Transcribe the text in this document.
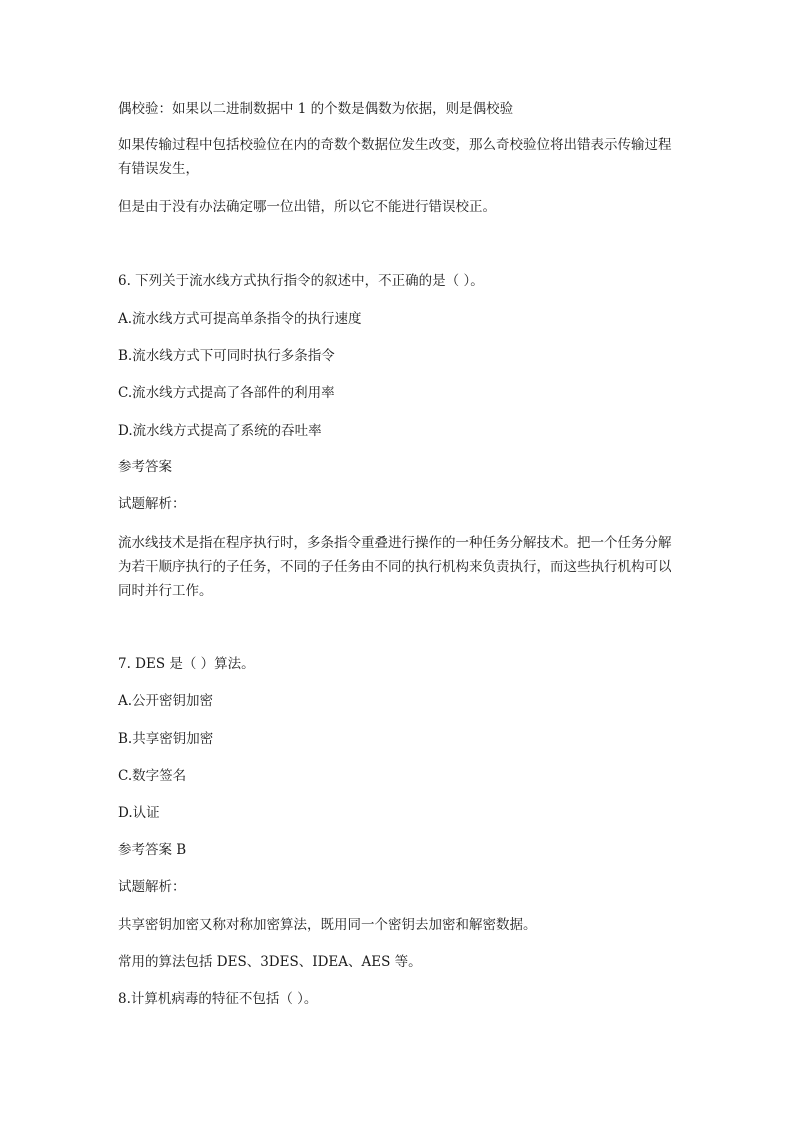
偶校验：如果以二进制数据中 1 的个数是偶数为依据，则是偶校验
如果传输过程中包括校验位在内的奇数个数据位发生改变，那么奇校验位将出错表示传输过程有错误发生，
但是由于没有办法确定哪一位出错，所以它不能进行错误校正。
6. 下列关于流水线方式执行指令的叙述中，不正确的是（ ）。
A.流水线方式可提高单条指令的执行速度
B.流水线方式下可同时执行多条指令
C.流水线方式提高了各部件的利用率
D.流水线方式提高了系统的吞吐率
参考答案
试题解析：
流水线技术是指在程序执行时，多条指令重叠进行操作的一种任务分解技术。把一个任务分解为若干顺序执行的子任务，不同的子任务由不同的执行机构来负责执行，而这些执行机构可以同时并行工作。
7. DES 是（ ）算法。
A.公开密钥加密
B.共享密钥加密
C.数字签名
D.认证
参考答案 B
试题解析：
共享密钥加密又称对称加密算法，既用同一个密钥去加密和解密数据。
常用的算法包括 DES、3DES、IDEA、AES 等。
8.计算机病毒的特征不包括（ ）。
